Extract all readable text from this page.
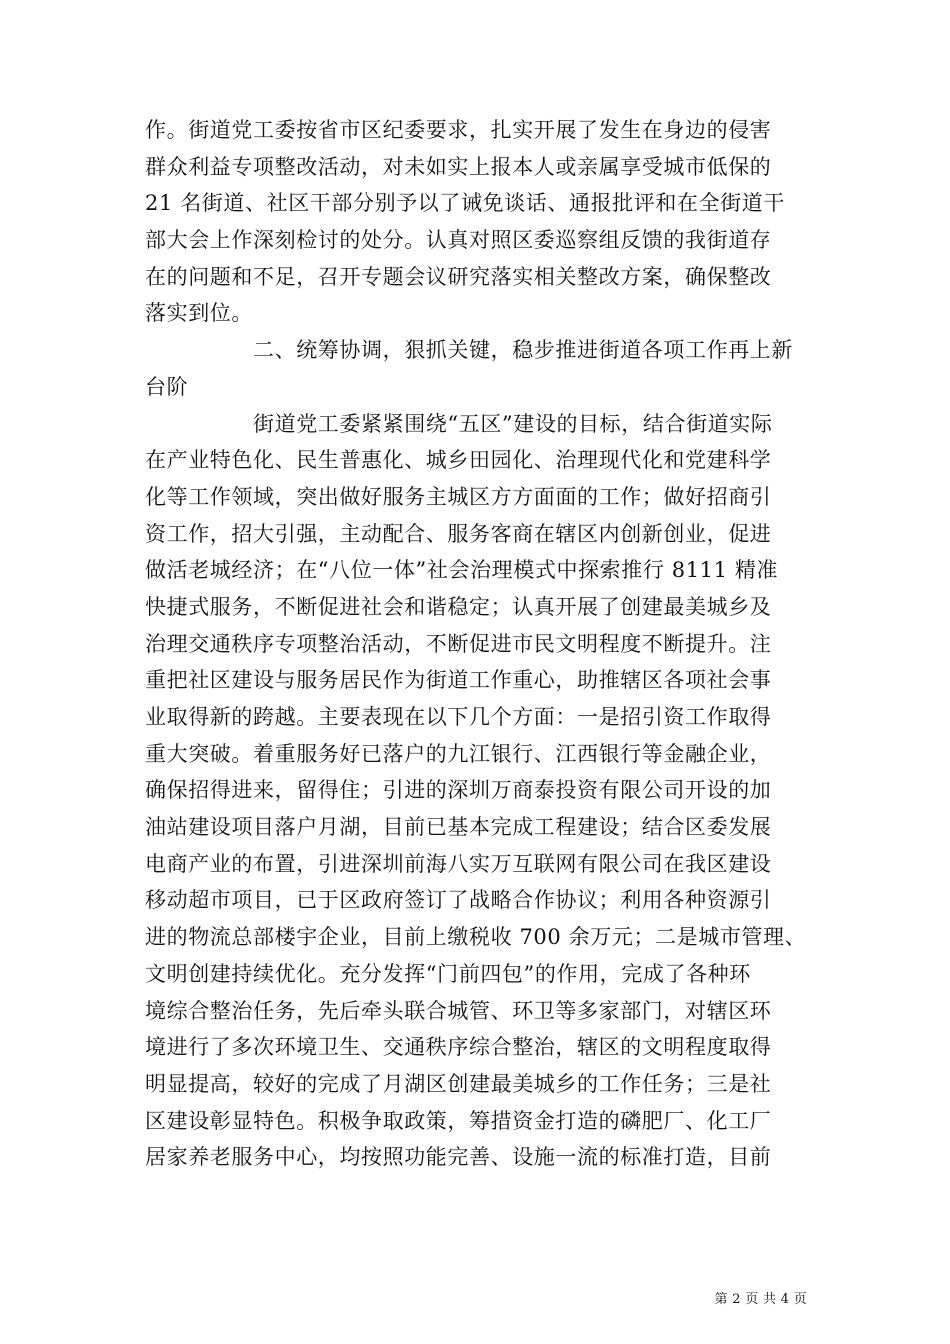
作。街道党工委按省市区纪委要求，扎实开展了发生在身边的侵害
群众利益专项整改活动，对未如实上报本人或亲属享受城市低保的
21 名街道、社区干部分别予以了诫免谈话、通报批评和在全街道干
部大会上作深刻检讨的处分。认真对照区委巡察组反馈的我街道存
在的问题和不足，召开专题会议研究落实相关整改方案，确保整改
落实到位。
　　　　　二、统筹协调，狠抓关键，稳步推进街道各项工作再上新
台阶
　　　　　街道党工委紧紧围绕“五区”建设的目标，结合街道实际
在产业特色化、民生普惠化、城乡田园化、治理现代化和党建科学
化等工作领域，突出做好服务主城区方方面面的工作；做好招商引
资工作，招大引强，主动配合、服务客商在辖区内创新创业，促进
做活老城经济；在“八位一体”社会治理模式中探索推行 8111 精准
快捷式服务，不断促进社会和谐稳定；认真开展了创建最美城乡及
治理交通秩序专项整治活动，不断促进市民文明程度不断提升。注
重把社区建设与服务居民作为街道工作重心，助推辖区各项社会事
业取得新的跨越。主要表现在以下几个方面：一是招引资工作取得
重大突破。着重服务好已落户的九江银行、江西银行等金融企业，
确保招得进来，留得住；引进的深圳万商泰投资有限公司开设的加
油站建设项目落户月湖，目前已基本完成工程建设；结合区委发展
电商产业的布置，引进深圳前海八实万互联网有限公司在我区建设
移动超市项目，已于区政府签订了战略合作协议；利用各种资源引
进的物流总部楼宇企业，目前上缴税收 700 余万元；二是城市管理、
文明创建持续优化。充分发挥“门前四包”的作用，完成了各种环
境综合整治任务，先后牵头联合城管、环卫等多家部门，对辖区环
境进行了多次环境卫生、交通秩序综合整治，辖区的文明程度取得
明显提高，较好的完成了月湖区创建最美城乡的工作任务；三是社
区建设彰显特色。积极争取政策，筹措资金打造的磷肥厂、化工厂
居家养老服务中心，均按照功能完善、设施一流的标准打造，目前
第 2 页 共 4 页
